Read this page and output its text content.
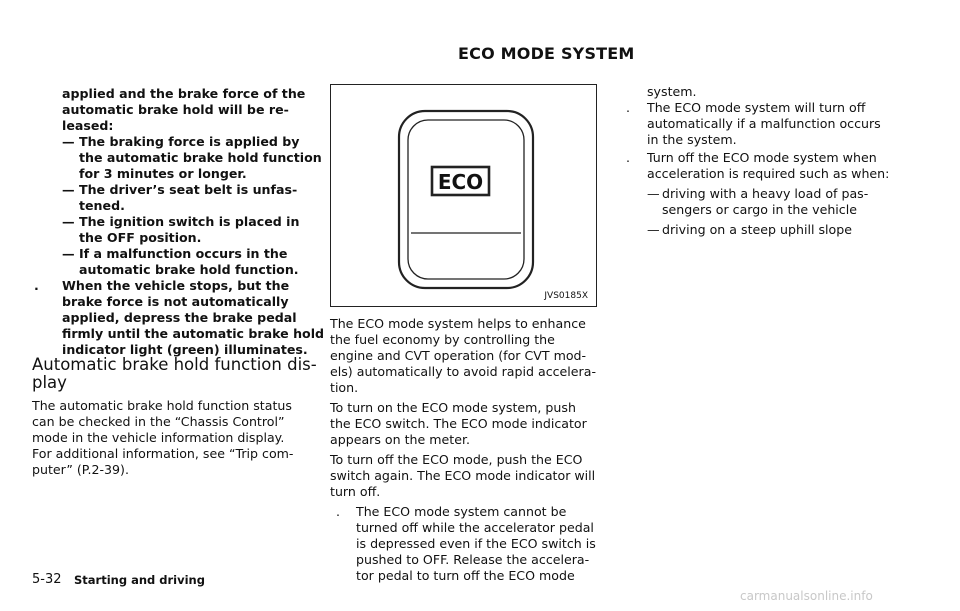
ECO MODE SYSTEM
applied and the brake force of the
automatic brake hold will be re-
leased:
— The braking force is applied by
the automatic brake hold function
for 3 minutes or longer.
— The driver’s seat belt is unfas-
tened.
— The ignition switch is placed in
the OFF position.
— If a malfunction occurs in the
automatic brake hold function.
. When the vehicle stops, but the
brake force is not automatically
applied, depress the brake pedal
firmly until the automatic brake hold
indicator light (green) illuminates.
Automatic brake hold function dis-
play
The automatic brake hold function status
can be checked in the “Chassis Control”
mode in the vehicle information display.
For additional information, see “Trip com-
puter” (P.2-39).
ECO
JVS0185X
The ECO mode system helps to enhance
the fuel economy by controlling the
engine and CVT operation (for CVT mod-
els) automatically to avoid rapid accelera-
tion.
To turn on the ECO mode system, push
the ECO switch. The ECO mode indicator
appears on the meter.
To turn off the ECO mode, push the ECO
switch again. The ECO mode indicator will
turn off.
. The ECO mode system cannot be
turned off while the accelerator pedal
is depressed even if the ECO switch is
pushed to OFF. Release the accelera-
tor pedal to turn off the ECO mode
system.
. The ECO mode system will turn off
automatically if a malfunction occurs
in the system.
. Turn off the ECO mode system when
acceleration is required such as when:
— driving with a heavy load of pas-
sengers or cargo in the vehicle
— driving on a steep uphill slope
5-32 Starting and driving
carmanualsonline.info
